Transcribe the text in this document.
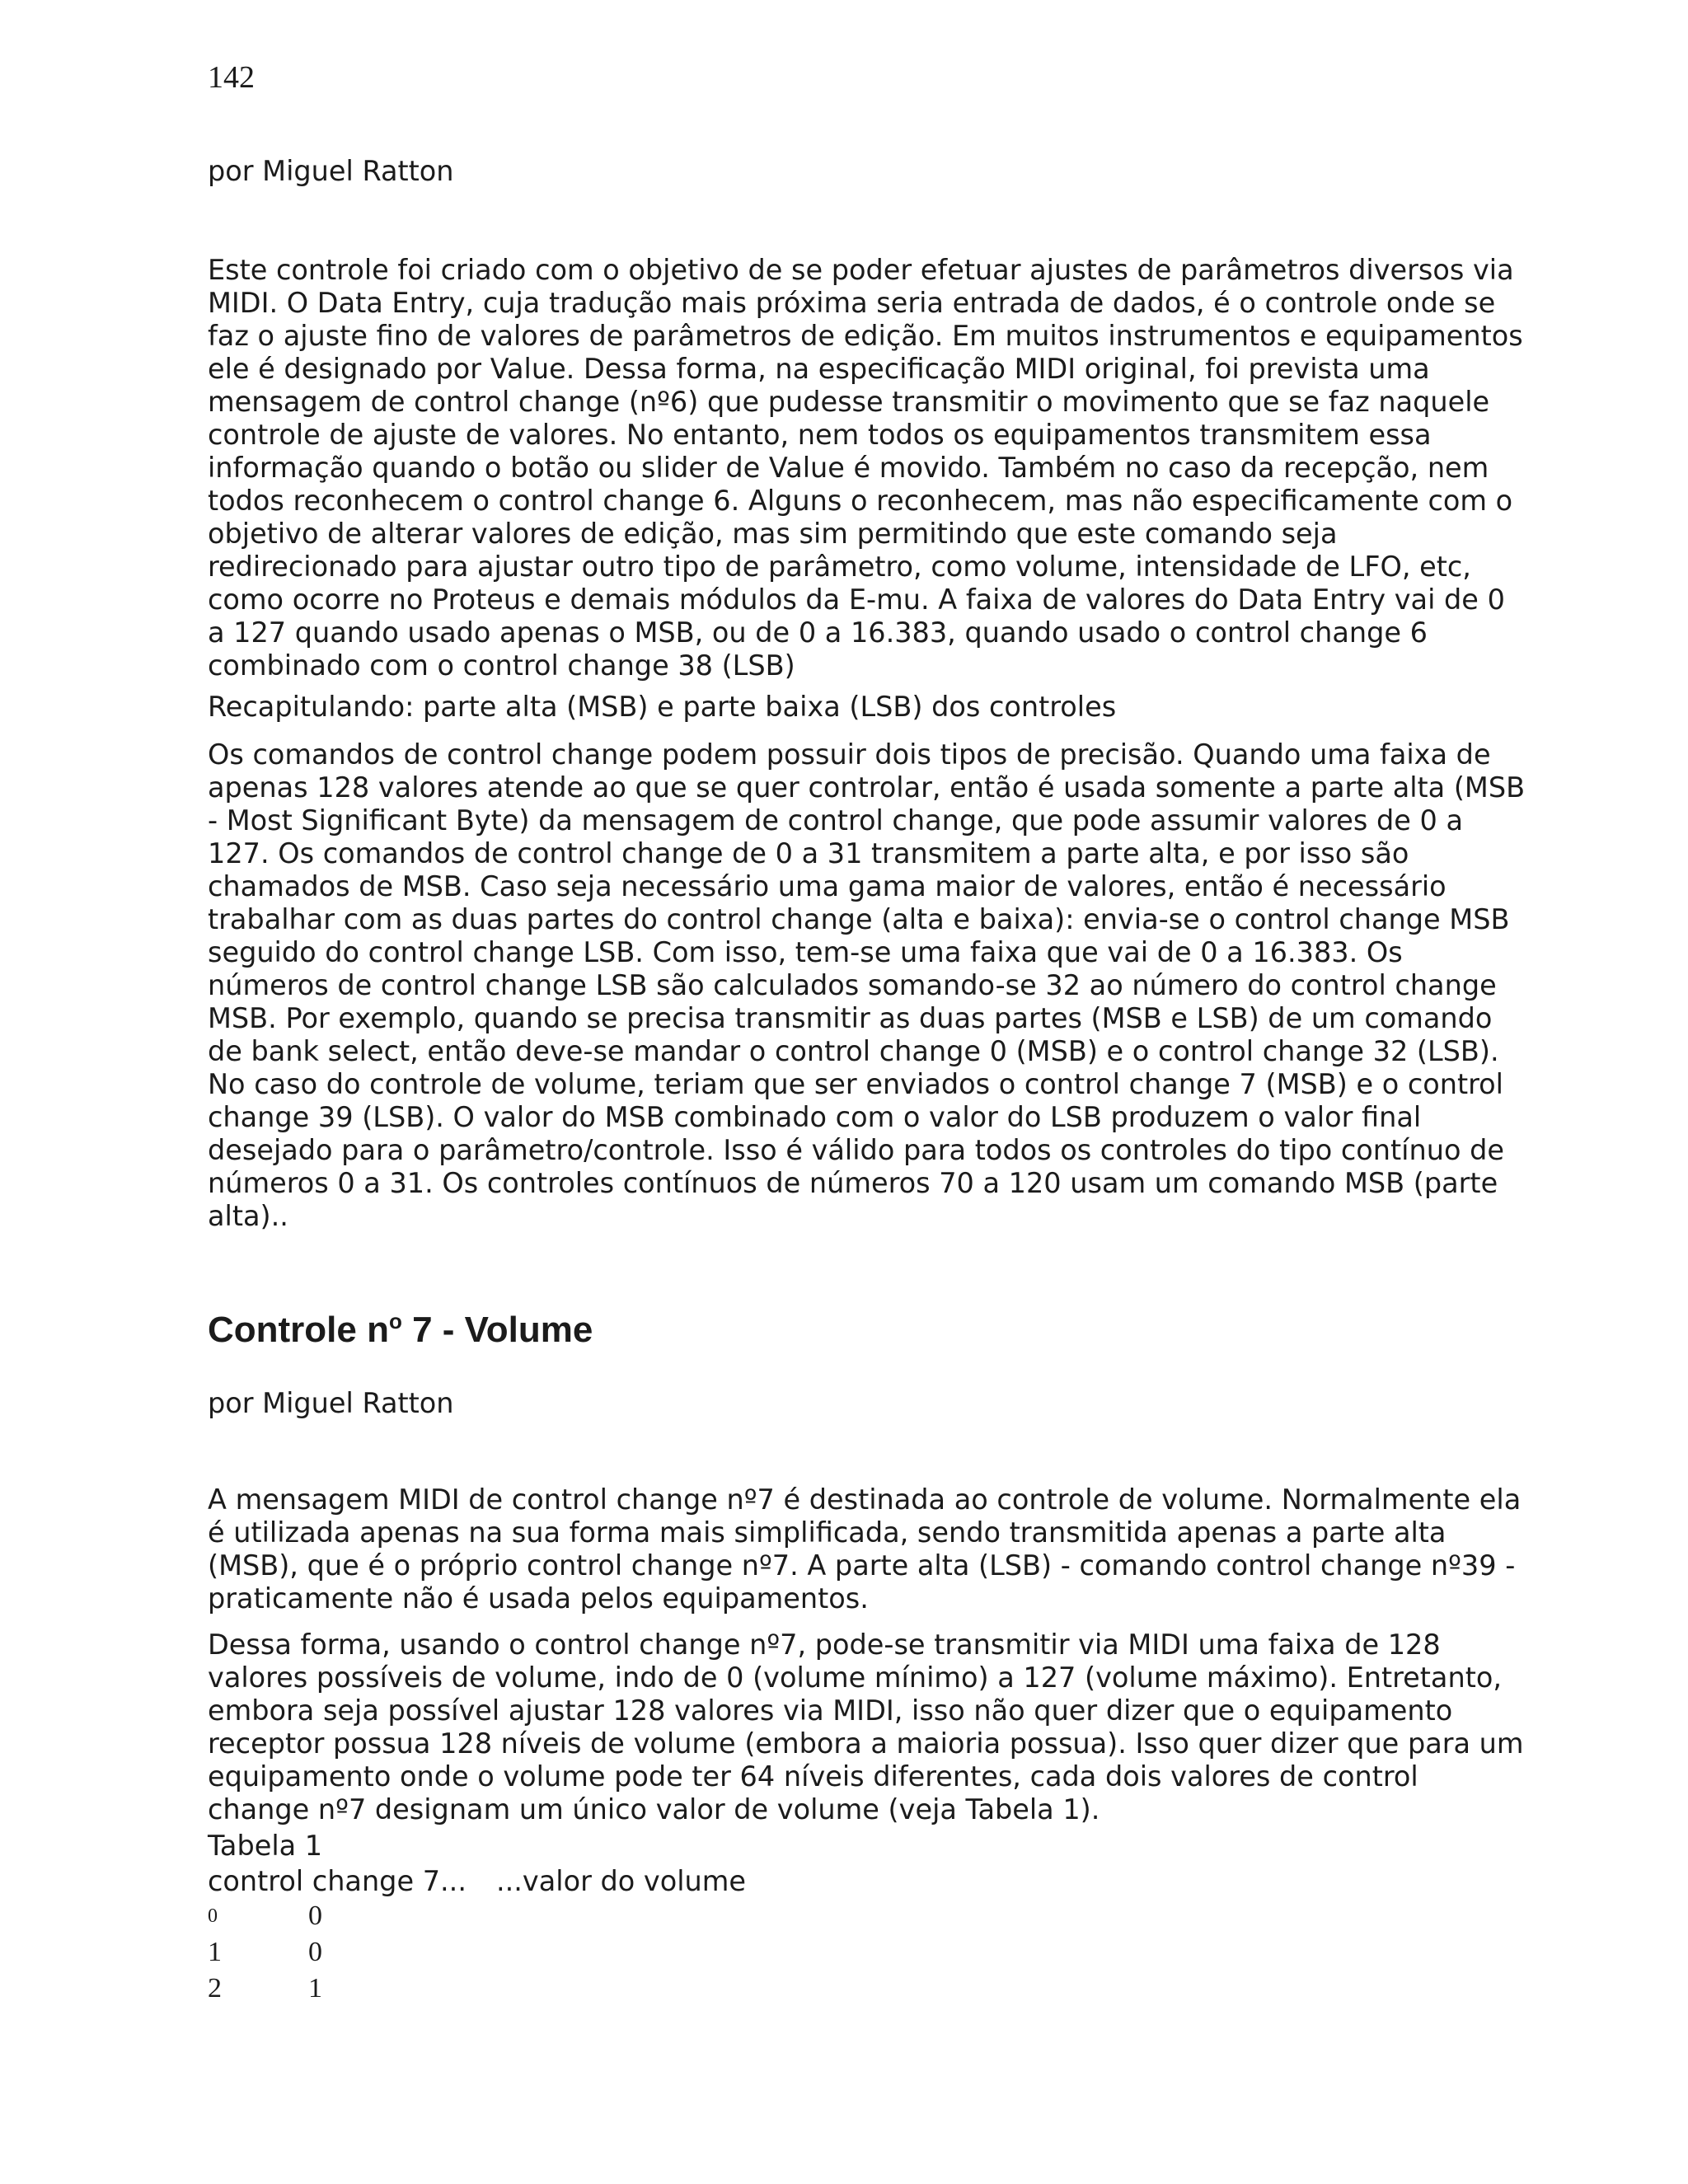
142

por Miguel Ratton

Este controle foi criado com o objetivo de se poder efetuar ajustes de parâmetros diversos via MIDI. O Data Entry, cuja tradução mais próxima seria entrada de dados, é o controle onde se faz o ajuste fino de valores de parâmetros de edição. Em muitos instrumentos e equipamentos ele é designado por Value. Dessa forma, na especificação MIDI original, foi prevista uma mensagem de control change (nº6) que pudesse transmitir o movimento que se faz naquele controle de ajuste de valores. No entanto, nem todos os equipamentos transmitem essa informação quando o botão ou slider de Value é movido. Também no caso da recepção, nem todos reconhecem o control change 6. Alguns o reconhecem, mas não especificamente com o objetivo de alterar valores de edição, mas sim permitindo que este comando seja redirecionado para ajustar outro tipo de parâmetro, como volume, intensidade de LFO, etc, como ocorre no Proteus e demais módulos da E-mu. A faixa de valores do Data Entry vai de 0 a 127 quando usado apenas o MSB, ou de 0 a 16.383, quando usado o control change 6 combinado com o control change 38 (LSB)

Recapitulando: parte alta (MSB) e parte baixa (LSB) dos controles

Os comandos de control change podem possuir dois tipos de precisão. Quando uma faixa de apenas 128 valores atende ao que se quer controlar, então é usada somente a parte alta (MSB - Most Significant Byte) da mensagem de control change, que pode assumir valores de 0 a 127. Os comandos de control change de 0 a 31 transmitem a parte alta, e por isso são chamados de MSB. Caso seja necessário uma gama maior de valores, então é necessário trabalhar com as duas partes do control change (alta e baixa): envia-se o control change MSB seguido do control change LSB. Com isso, tem-se uma faixa que vai de 0 a 16.383. Os números de control change LSB são calculados somando-se 32 ao número do control change MSB. Por exemplo, quando se precisa transmitir as duas partes (MSB e LSB) de um comando de bank select, então deve-se mandar o control change 0 (MSB) e o control change 32 (LSB). No caso do controle de volume, teriam que ser enviados o control change 7 (MSB) e o control change 39 (LSB). O valor do MSB combinado com o valor do LSB produzem o valor final desejado para o parâmetro/controle. Isso é válido para todos os controles do tipo contínuo de números 0 a 31. Os controles contínuos de números 70 a 120 usam um comando MSB (parte alta)..

Controle $n^o$ 7 - Volume

por Miguel Ratton

A mensagem MIDI de control change nº7 é destinada ao controle de volume. Normalmente ela é utilizada apenas na sua forma mais simplificada, sendo transmitida apenas a parte alta (MSB), que é o próprio control change nº7. A parte alta (LSB) - comando control change nº39 - praticamente não é usada pelos equipamentos.

Dessa forma, usando o control change nº7, pode-se transmitir via MIDI uma faixa de 128 valores possíveis de volume, indo de 0 (volume mínimo) a 127 (volume máximo). Entretanto, embora seja possível ajustar 128 valores via MIDI, isso não quer dizer que o equipamento receptor possua 128 níveis de volume (embora a maioria possua). Isso quer dizer que para um equipamento onde o volume pode ter 64 níveis diferentes, cada dois valores de control change nº7 designam um único valor de volume (veja Tabela 1).

Tabela 1

control change 7... ...valor do volume

0	0
1	0
2	1
